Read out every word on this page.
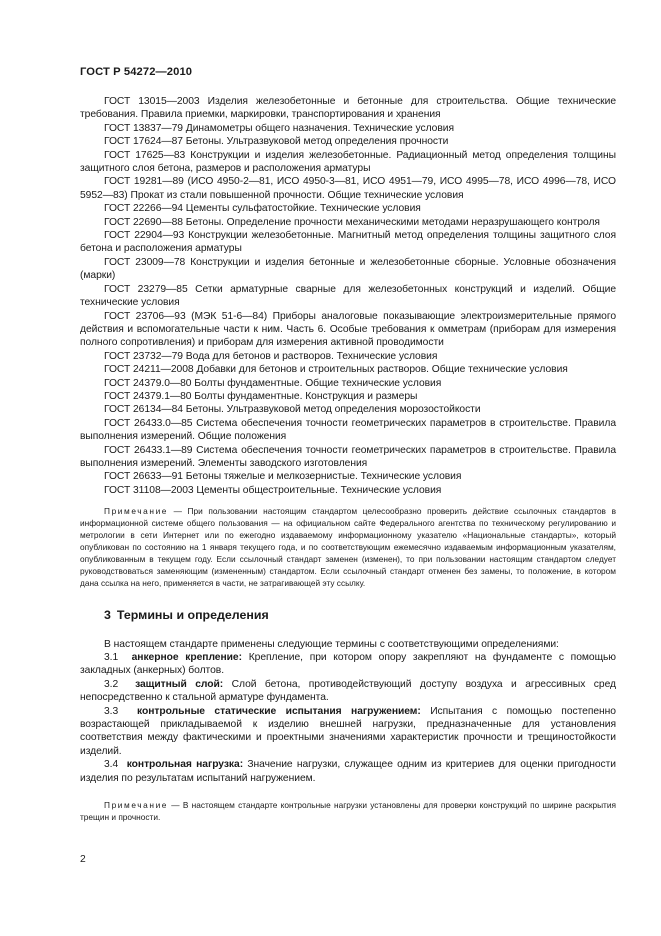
ГОСТ Р 54272—2010

ГОСТ 13015—2003 Изделия железобетонные и бетонные для строительства. Общие технические требования. Правила приемки, маркировки, транспортирования и хранения

ГОСТ 13837—79 Динамометры общего назначения. Технические условия

ГОСТ 17624—87 Бетоны. Ультразвуковой метод определения прочности

ГОСТ 17625—83 Конструкции и изделия железобетонные. Радиационный метод определения толщины защитного слоя бетона, размеров и расположения арматуры

ГОСТ 19281—89 (ИСО 4950-2—81, ИСО 4950-3—81, ИСО 4951—79, ИСО 4995—78, ИСО 4996—78, ИСО 5952—83) Прокат из стали повышенной прочности. Общие технические условия

ГОСТ 22266—94 Цементы сульфатостойкие. Технические условия

ГОСТ 22690—88 Бетоны. Определение прочности механическими методами неразрушающего контроля

ГОСТ 22904—93 Конструкции железобетонные. Магнитный метод определения толщины защитного слоя бетона и расположения арматуры

ГОСТ 23009—78 Конструкции и изделия бетонные и железобетонные сборные. Условные обозначения (марки)

ГОСТ 23279—85 Сетки арматурные сварные для железобетонных конструкций и изделий. Общие технические условия

ГОСТ 23706—93 (МЭК 51-6—84) Приборы аналоговые показывающие электроизмерительные прямого действия и вспомогательные части к ним. Часть 6. Особые требования к омметрам (приборам для измерения полного сопротивления) и приборам для измерения активной проводимости

ГОСТ 23732—79 Вода для бетонов и растворов. Технические условия

ГОСТ 24211—2008 Добавки для бетонов и строительных растворов. Общие технические условия

ГОСТ 24379.0—80 Болты фундаментные. Общие технические условия

ГОСТ 24379.1—80 Болты фундаментные. Конструкция и размеры

ГОСТ 26134—84 Бетоны. Ультразвуковой метод определения морозостойкости

ГОСТ 26433.0—85 Система обеспечения точности геометрических параметров в строительстве. Правила выполнения измерений. Общие положения

ГОСТ 26433.1—89 Система обеспечения точности геометрических параметров в строительстве. Правила выполнения измерений. Элементы заводского изготовления

ГОСТ 26633—91 Бетоны тяжелые и мелкозернистые. Технические условия

ГОСТ 31108—2003 Цементы общестроительные. Технические условия

Примечание — При пользовании настоящим стандартом целесообразно проверить действие ссылочных стандартов в информационной системе общего пользования — на официальном сайте Федерального агентства по техническому регулированию и метрологии в сети Интернет или по ежегодно издаваемому информационному указателю «Национальные стандарты», который опубликован по состоянию на 1 января текущего года, и по соответствующим ежемесячно издаваемым информационным указателям, опубликованным в текущем году. Если ссылочный стандарт заменен (изменен), то при пользовании настоящим стандартом следует руководствоваться заменяющим (измененным) стандартом. Если ссылочный стандарт отменен без замены, то положение, в котором дана ссылка на него, применяется в части, не затрагивающей эту ссылку.

3 Термины и определения

В настоящем стандарте применены следующие термины с соответствующими определениями:

3.1 анкерное крепление: Крепление, при котором опору закрепляют на фундаменте с помощью закладных (анкерных) болтов.

3.2 защитный слой: Слой бетона, противодействующий доступу воздуха и агрессивных сред непосредственно к стальной арматуре фундамента.

3.3 контрольные статические испытания нагружением: Испытания с помощью постепенно возрастающей прикладываемой к изделию внешней нагрузки, предназначенные для установления соответствия между фактическими и проектными значениями характеристик прочности и трещиностойкости изделий.

3.4 контрольная нагрузка: Значение нагрузки, служащее одним из критериев для оценки пригодности изделия по результатам испытаний нагружением.

Примечание — В настоящем стандарте контрольные нагрузки установлены для проверки конструкций по ширине раскрытия трещин и прочности.

2
